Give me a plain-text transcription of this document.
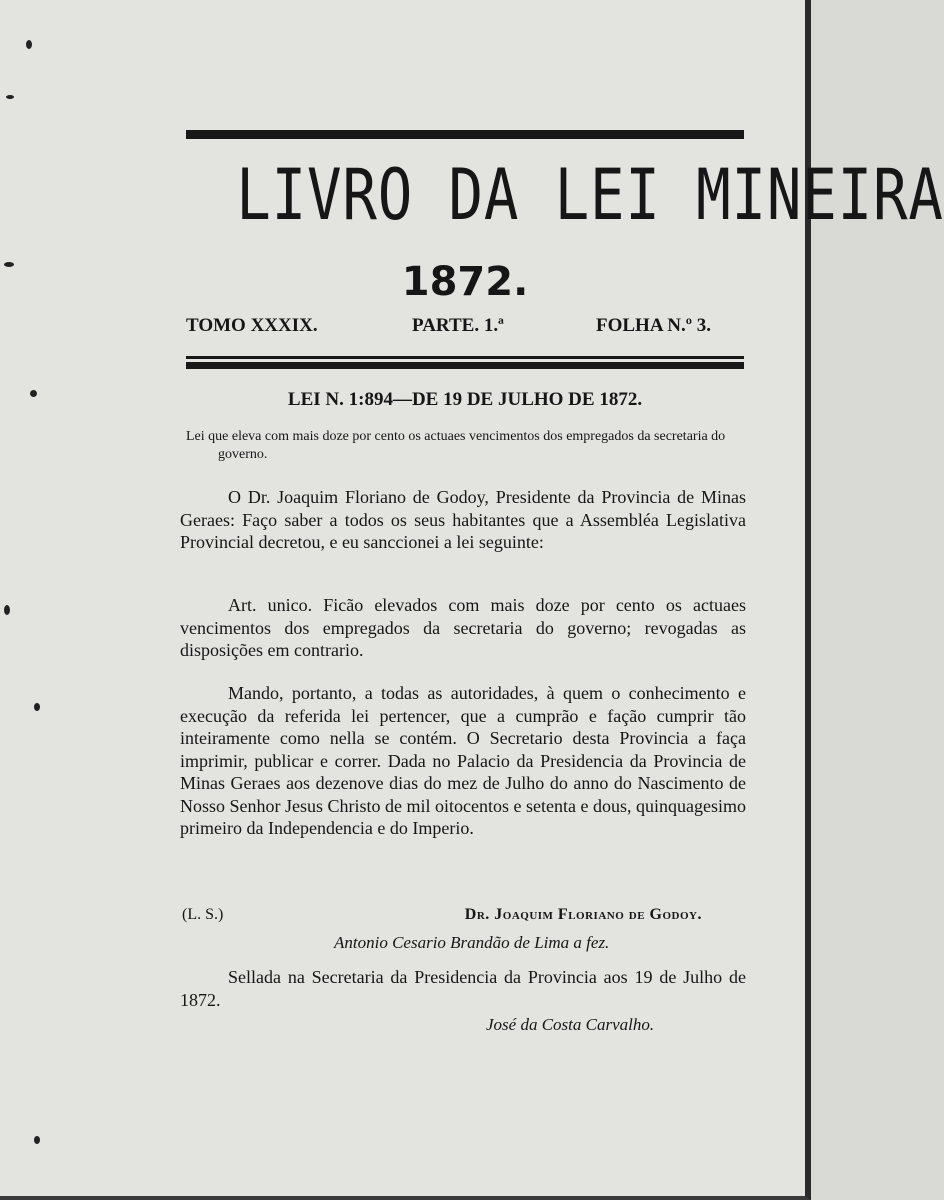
LIVRO DA LEI MINEIRA
1872.
TOMO XXXIX.	PARTE. 1.ª	FOLHA N.º 3.
LEI N. 1:894—DE 19 DE JULHO DE 1872.
Lei que eleva com mais doze por cento os actuaes vencimentos dos empregados da secretaria do governo.
O Dr. Joaquim Floriano de Godoy, Presidente da Provincia de Minas Geraes: Faço saber a todos os seus habitantes que a Assembléa Legislativa Provincial decretou, e eu sanccionei a lei seguinte:
Art. unico. Ficão elevados com mais doze por cento os actuaes vencimentos dos empregados da secretaria do governo; revogadas as disposições em contrario.
Mando, portanto, a todas as autoridades, à quem o conhecimento e execução da referida lei pertencer, que a cumprão e fação cumprir tão inteiramente como nella se contém. O Secretario desta Provincia a faça imprimir, publicar e correr. Dada no Palacio da Presidencia da Provincia de Minas Geraes aos dezenove dias do mez de Julho do anno do Nascimento de Nosso Senhor Jesus Christo de mil oitocentos e setenta e dous, quinquagesimo primeiro da Independencia e do Imperio.
(L. S.)	Dr. Joaquim Floriano de Godoy.
Antonio Cesario Brandão de Lima a fez.
Sellada na Secretaria da Presidencia da Provincia aos 19 de Julho de 1872.
José da Costa Carvalho.
